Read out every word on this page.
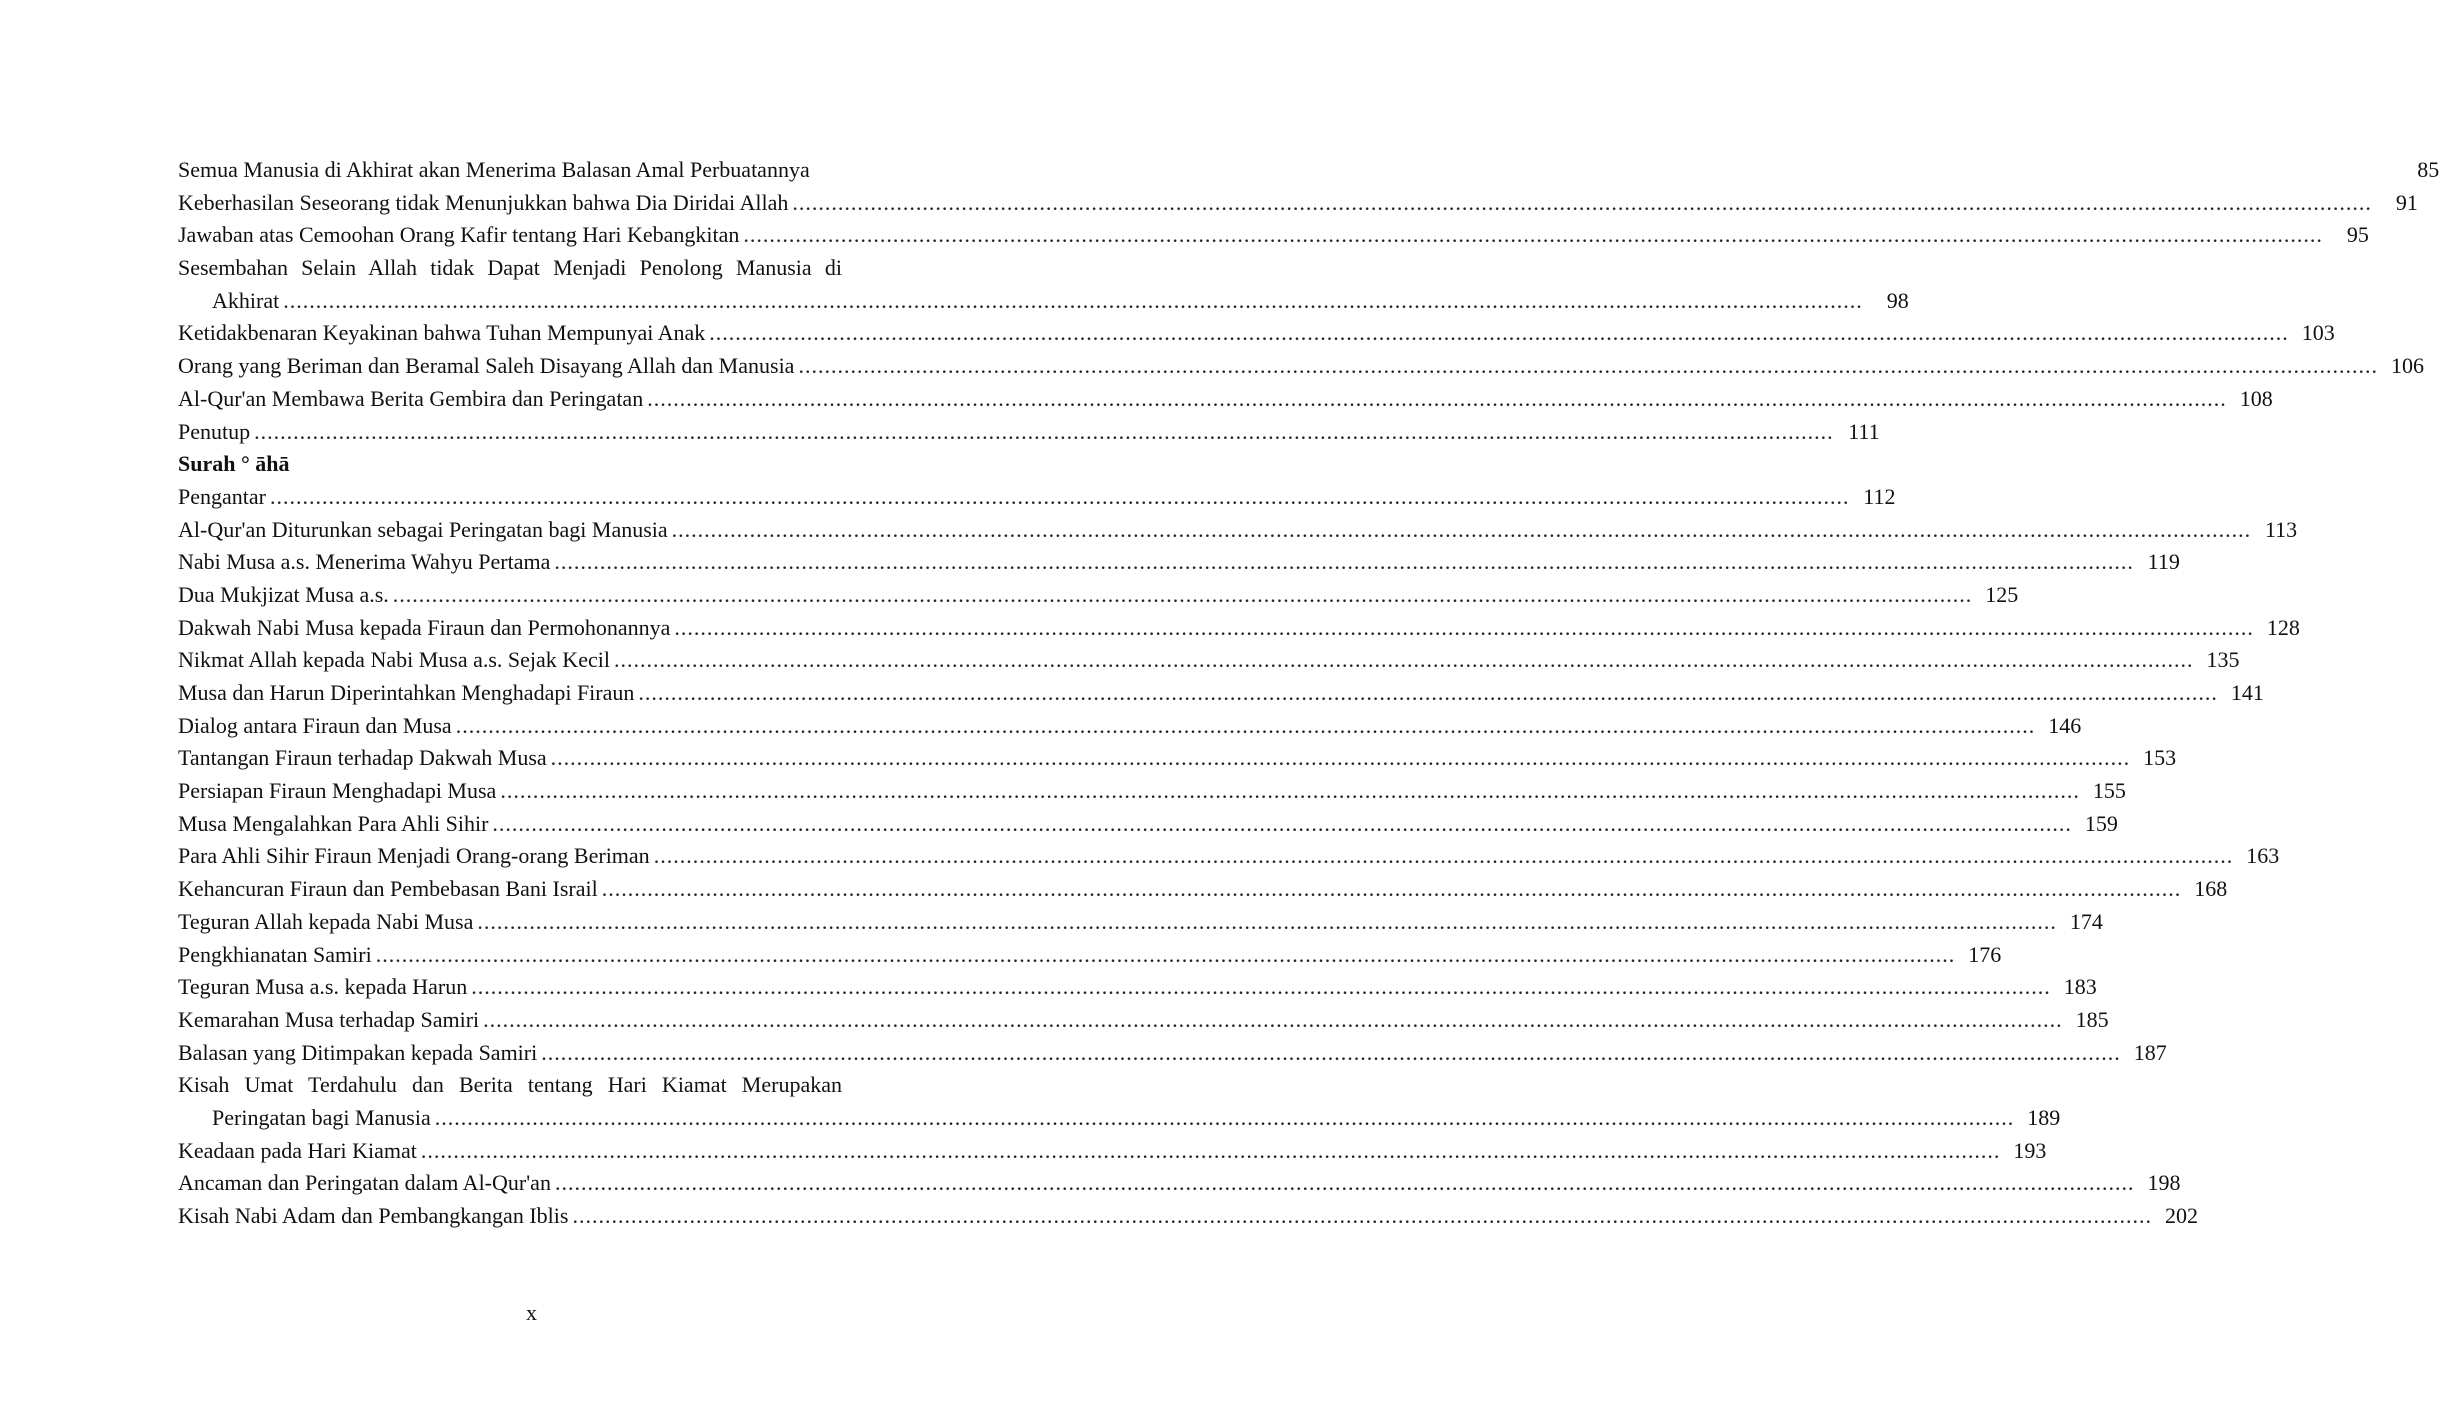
Semua Manusia di Akhirat akan Menerima Balasan Amal Perbuatannya	85
Keberhasilan Seseorang tidak Menunjukkan bahwa Dia Diridai Allah .....	91
Jawaban atas Cemoohan Orang Kafir tentang Hari Kebangkitan .....	95
Sesembahan Selain Allah tidak Dapat Menjadi Penolong Manusia di
Akhirat .....	98
Ketidakbenaran Keyakinan bahwa Tuhan Mempunyai Anak .....	103
Orang yang Beriman dan Beramal Saleh Disayang Allah dan Manusia .....	106
Al-Qur'an Membawa Berita Gembira dan Peringatan .....	108
Penutup .....	111
Surah ° āhā
Pengantar .....	112
Al-Qur'an Diturunkan sebagai Peringatan bagi Manusia .....	113
Nabi Musa a.s. Menerima Wahyu Pertama .....	119
Dua Mukjizat Musa a.s. .....	125
Dakwah Nabi Musa kepada Firaun dan Permohonannya .....	128
Nikmat Allah kepada Nabi Musa a.s. Sejak Kecil .....	135
Musa dan Harun Diperintahkan Menghadapi Firaun .....	141
Dialog antara Firaun dan Musa .....	146
Tantangan Firaun terhadap Dakwah Musa .....	153
Persiapan Firaun Menghadapi Musa .....	155
Musa Mengalahkan Para Ahli Sihir .....	159
Para Ahli Sihir Firaun Menjadi Orang-orang Beriman .....	163
Kehancuran Firaun dan Pembebasan Bani Israil .....	168
Teguran Allah kepada Nabi Musa .....	174
Pengkhianatan Samiri .....	176
Teguran Musa a.s. kepada Harun .....	183
Kemarahan Musa terhadap Samiri .....	185
Balasan yang Ditimpakan kepada Samiri .....	187
Kisah Umat Terdahulu dan Berita tentang Hari Kiamat Merupakan
Peringatan bagi Manusia .....	189
Keadaan pada Hari Kiamat .....	193
Ancaman dan Peringatan dalam Al-Qur'an .....	198
Kisah Nabi Adam dan Pembangkangan Iblis .....	202
x
